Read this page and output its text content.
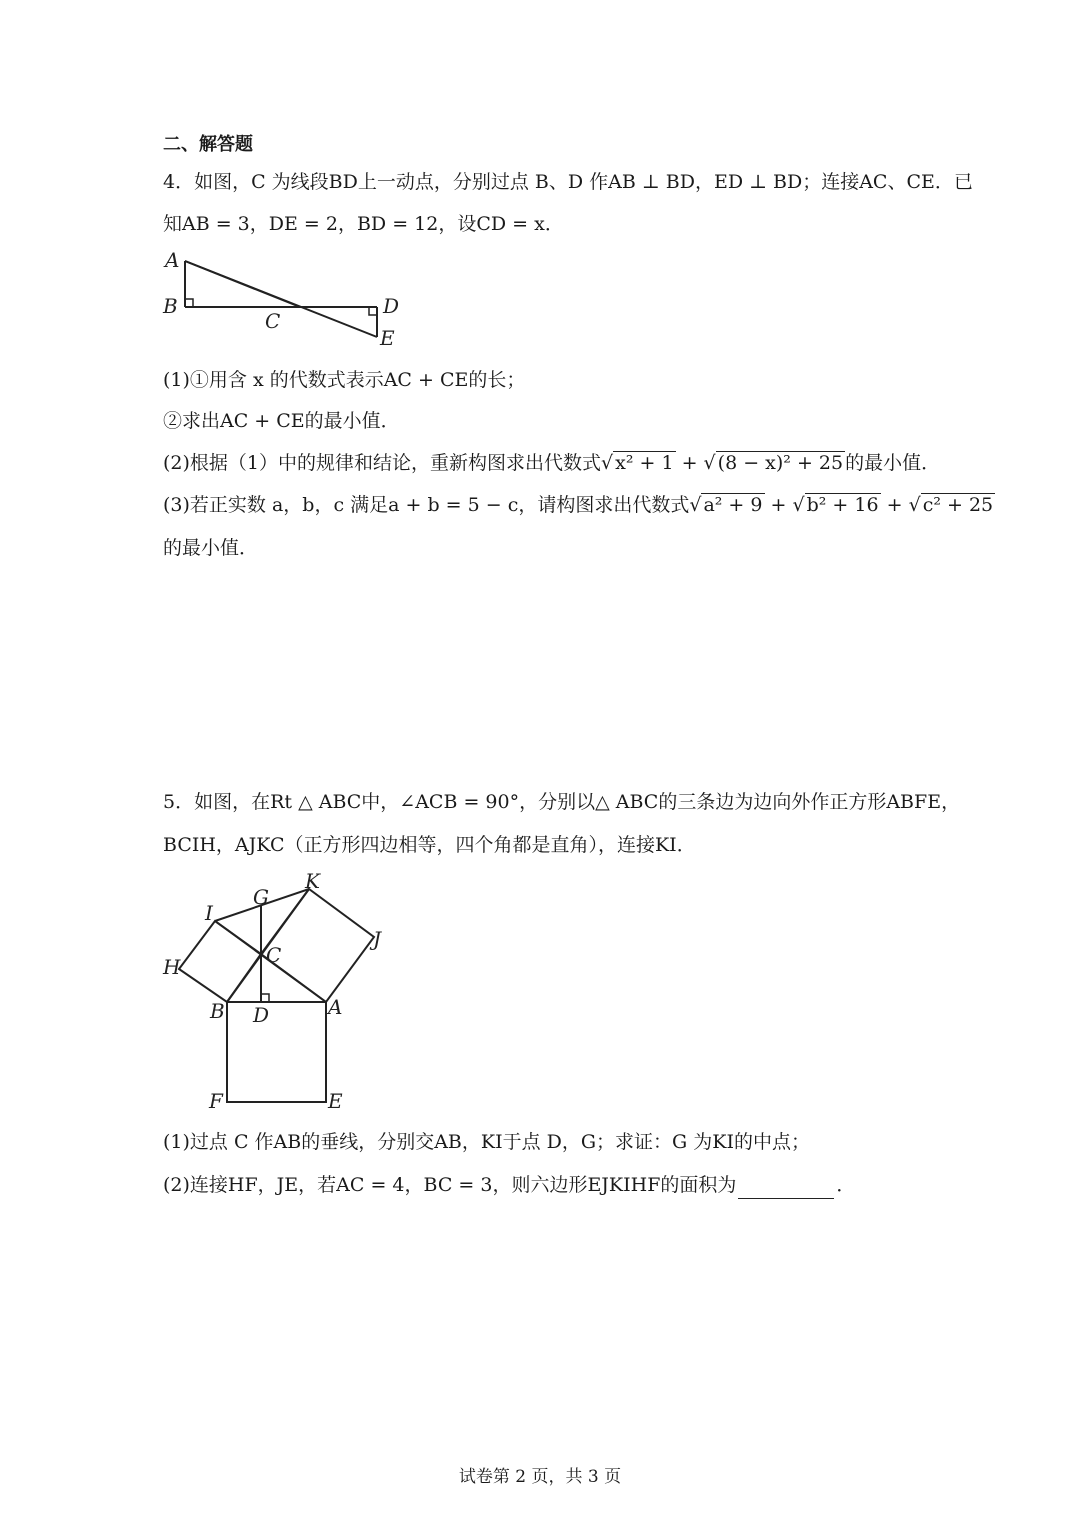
二、解答题
4．如图，C 为线段BD上一动点，分别过点 B、D 作AB ⊥ BD，ED ⊥ BD；连接AC、CE．已
知AB = 3，DE = 2，BD = 12，设CD = x．
A
B
C
D
E
(1)①用含 x 的代数式表示AC + CE的长；
②求出AC + CE的最小值．
(2)根据（1）中的规律和结论，重新构图求出代数式√ x² + 1 + √ (8 − x)² + 25 的最小值．
(3)若正实数 a，b，c 满足a + b = 5 − c，请构图求出代数式√ a² + 9 + √ b² + 16 + √ c² + 25
的最小值．
5．如图，在Rt △ ABC中，∠ACB = 90°，分别以△ ABC的三条边为边向外作正方形ABFE，
BCIH，AJKC（正方形四边相等，四个角都是直角），连接KI．
G
K
I
J
H	C
B D	A
F	E
(1)过点 C 作AB的垂线，分别交AB，KI于点 D，G；求证：G 为KI的中点；
(2)连接HF，JE，若AC = 4，BC = 3，则六边形EJKIHF的面积为	．
试卷第 2 页，共 3 页
